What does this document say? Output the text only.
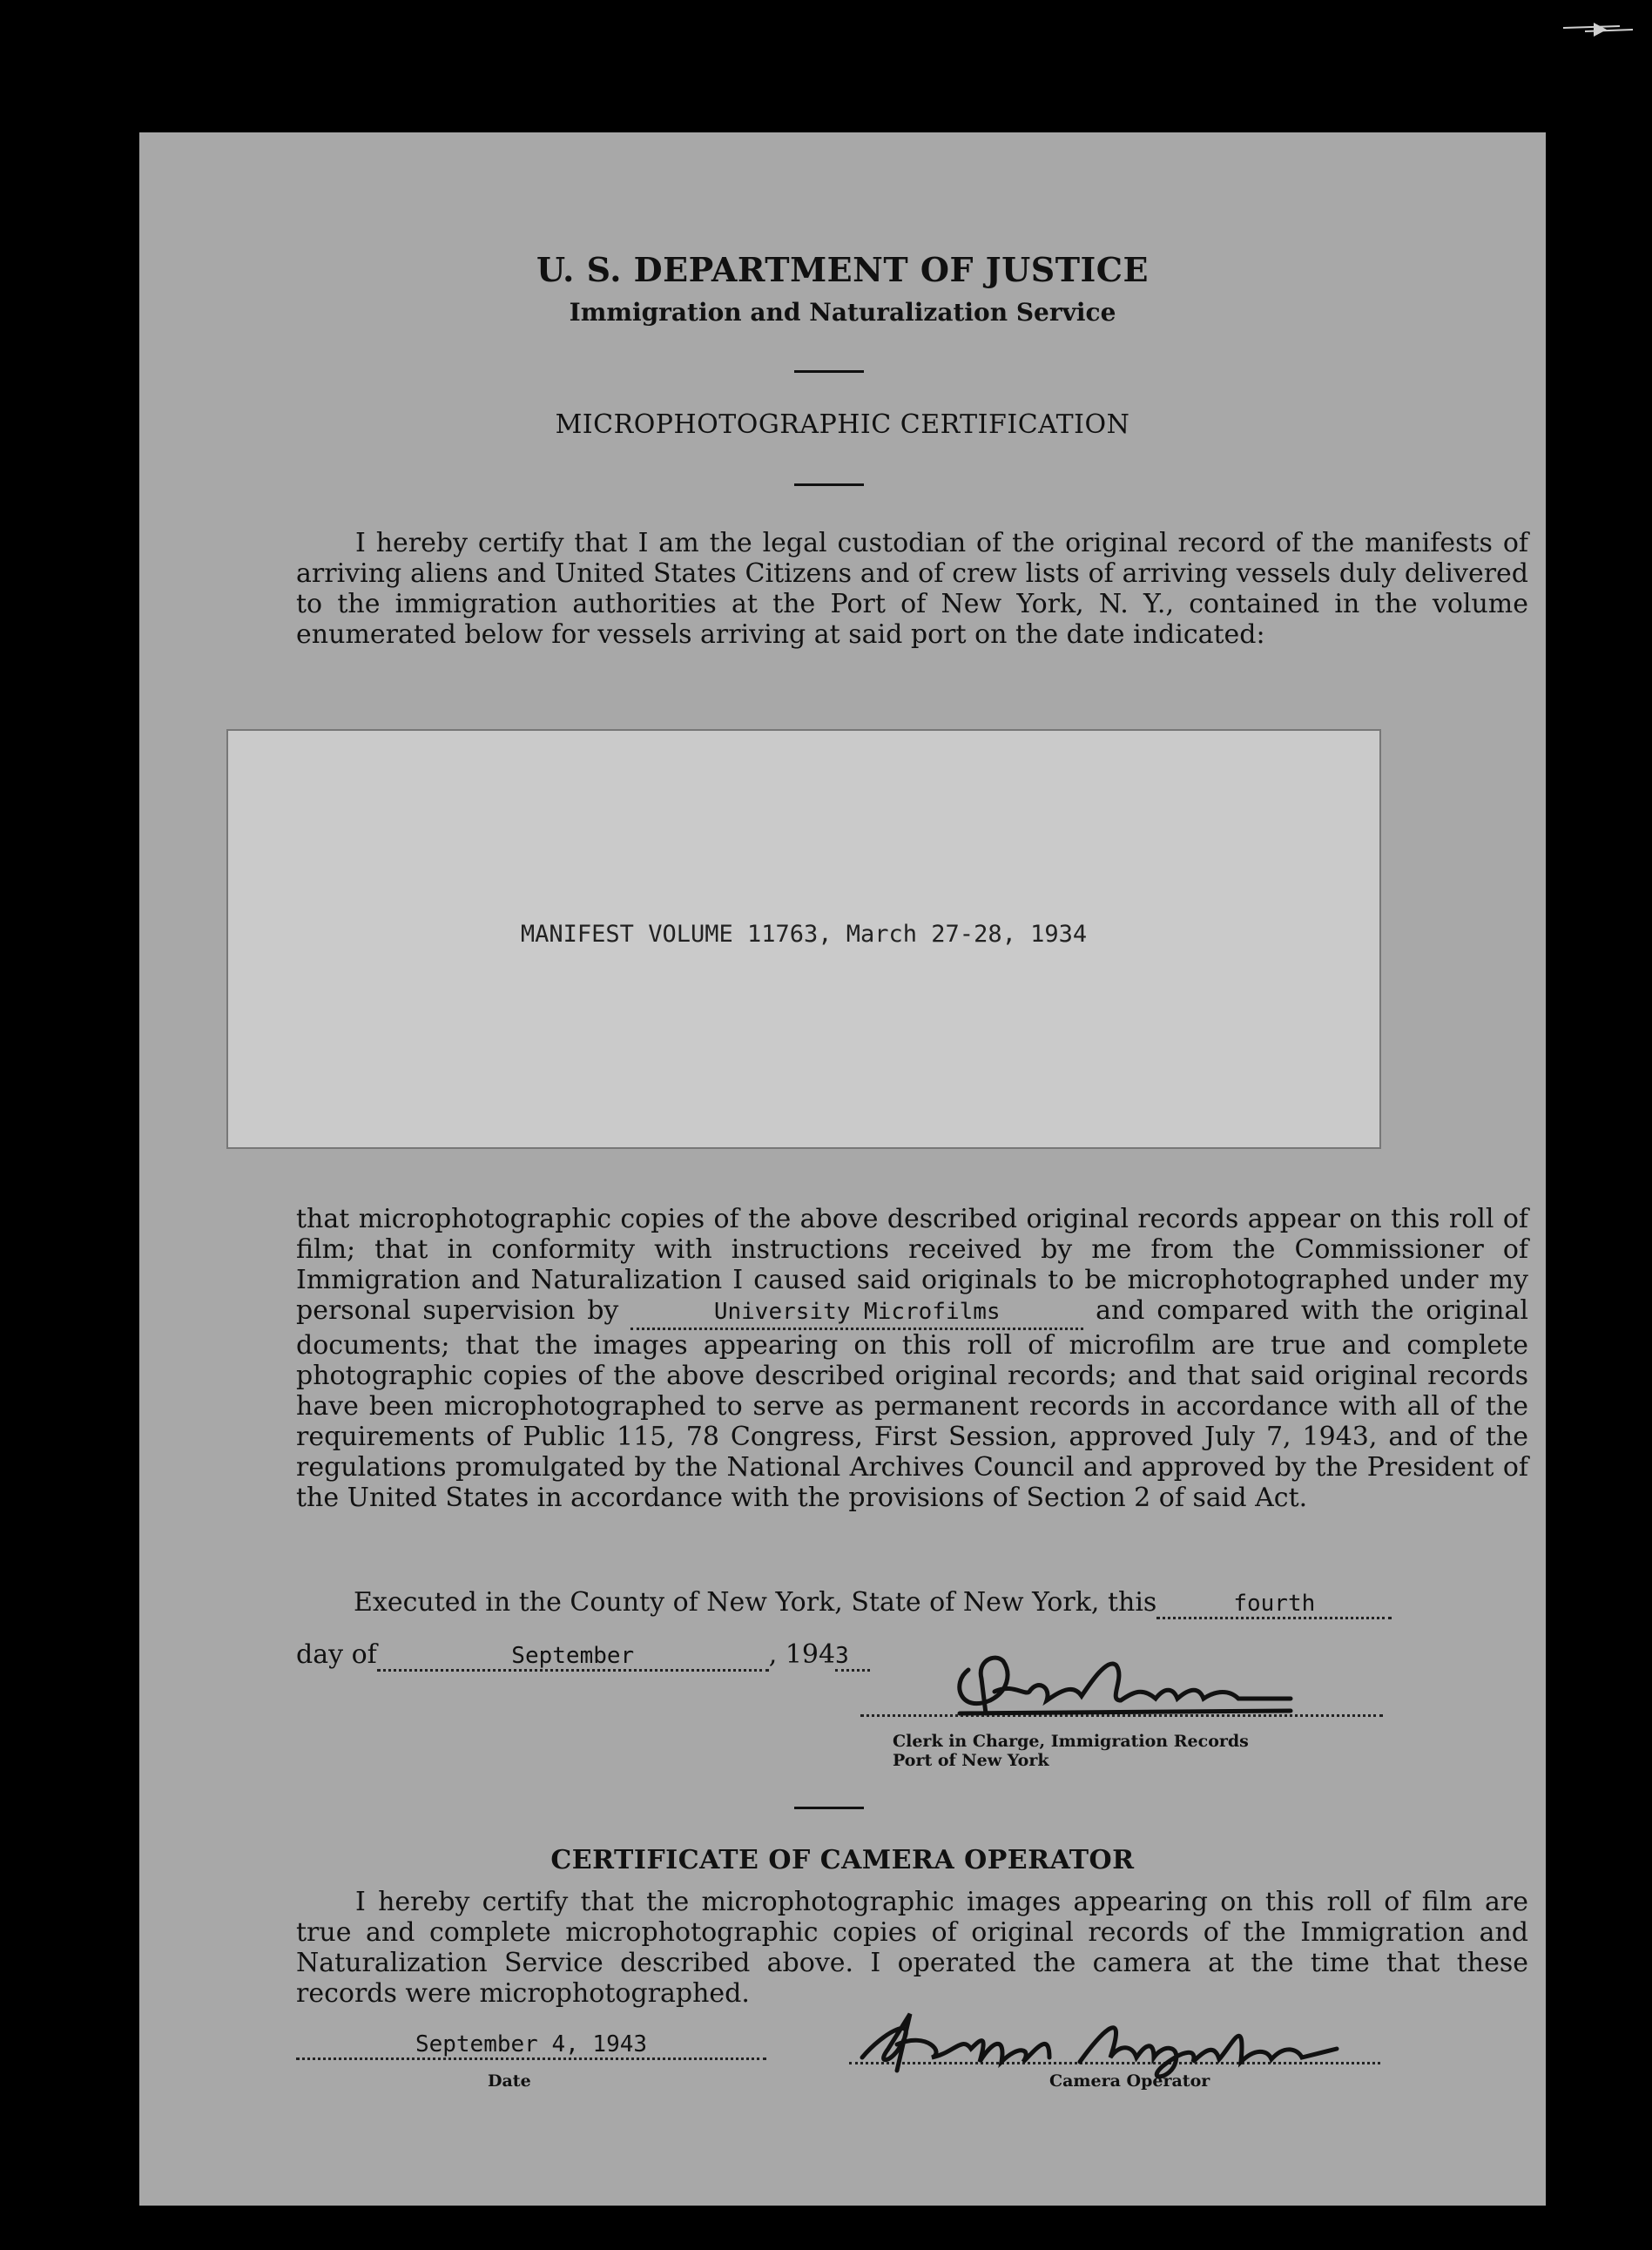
U. S. DEPARTMENT OF JUSTICE
Immigration and Naturalization Service
MICROPHOTOGRAPHIC CERTIFICATION

I hereby certify that I am the legal custodian of the original record of the manifests of arriving aliens and United States Citizens and of crew lists of arriving vessels duly delivered to the immigration authorities at the Port of New York, N. Y., contained in the volume enumerated below for vessels arriving at said port on the date indicated:

MANIFEST VOLUME 11763, March 27-28, 1934

that microphotographic copies of the above described original records appear on this roll of film; that in conformity with instructions received by me from the Commissioner of Immigration and Naturalization I caused said originals to be microphotographed under my personal supervision by	University Microfilms	and compared with the original documents; that the images appearing on this roll of microfilm are true and complete photographic copies of the above described original records; and that said original records have been microphotographed to serve as permanent records in accordance with all of the requirements of Public 115, 78 Congress, First Session, approved July 7, 1943, and of the regulations promulgated by the National Archives Council and approved by the President of the United States in accordance with the provisions of Section 2 of said Act.

Executed in the County of New York, State of New York, this	fourth
day of	September	, 1943
Clerk in Charge, Immigration Records
Port of New York
CERTIFICATE OF CAMERA OPERATOR

I hereby certify that the microphotographic images appearing on this roll of film are true and complete microphotographic copies of original records of the Immigration and Naturalization Service described above. I operated the camera at the time that these records were microphotographed.

September 4, 1943
Date	Camera Operator
